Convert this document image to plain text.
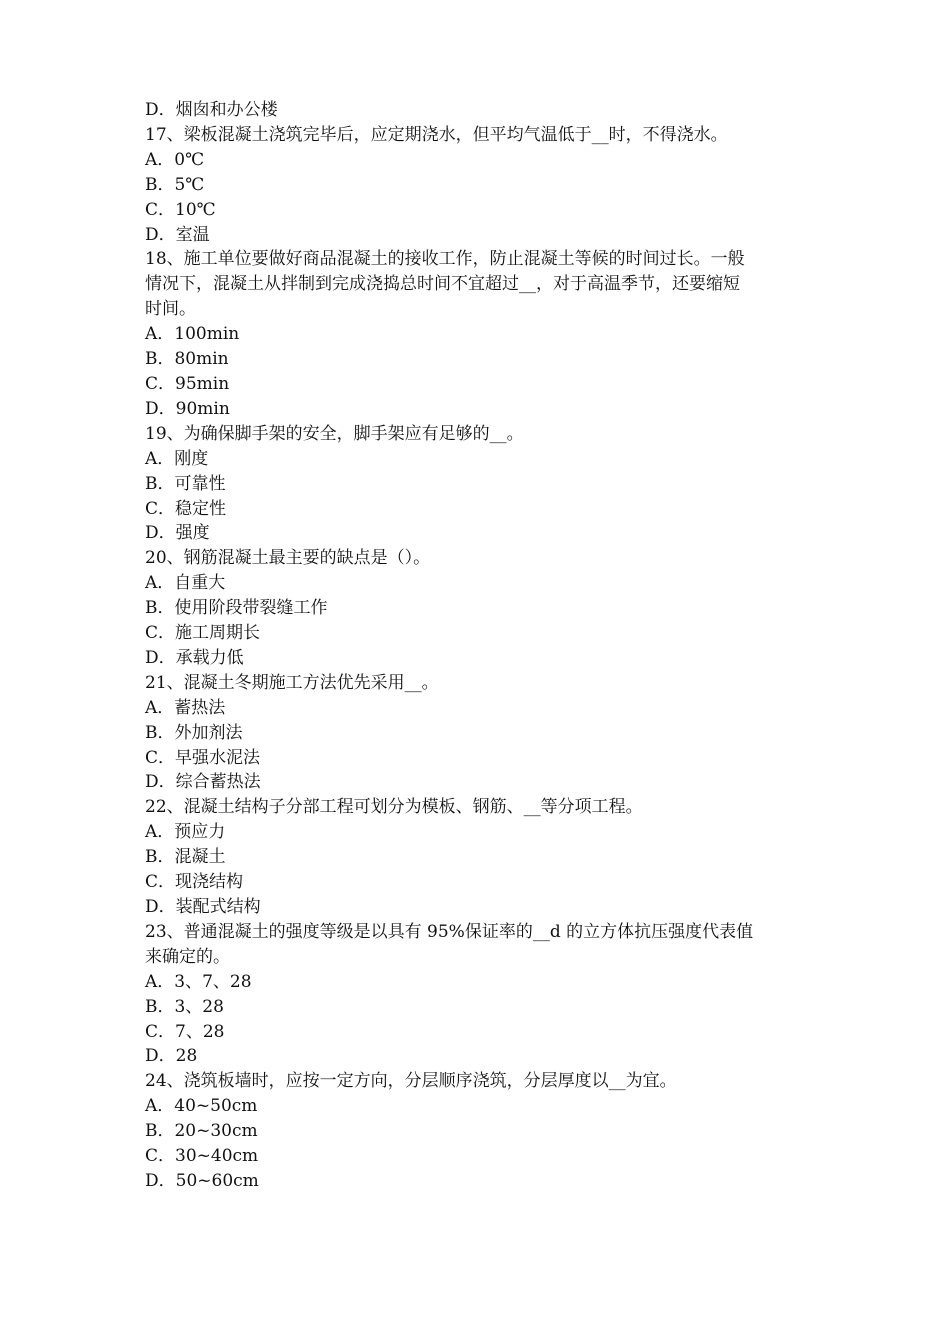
D．烟囱和办公楼

17、梁板混凝土浇筑完毕后，应定期浇水，但平均气温低于__时，不得浇水。

A．0℃

B．5℃

C．10℃

D．室温

18、施工单位要做好商品混凝土的接收工作，防止混凝土等候的时间过长。一般

情况下，混凝土从拌制到完成浇捣总时间不宜超过__，对于高温季节，还要缩短

时间。

A．100min

B．80min

C．95min

D．90min

19、为确保脚手架的安全，脚手架应有足够的__。

A．刚度

B．可靠性

C．稳定性

D．强度

20、钢筋混凝土最主要的缺点是（）。

A．自重大

B．使用阶段带裂缝工作

C．施工周期长

D．承载力低

21、混凝土冬期施工方法优先采用__。

A．蓄热法

B．外加剂法

C．早强水泥法

D．综合蓄热法

22、混凝土结构子分部工程可划分为模板、钢筋、__等分项工程。

A．预应力

B．混凝土

C．现浇结构

D．装配式结构

23、普通混凝土的强度等级是以具有 95%保证率的__d 的立方体抗压强度代表值

来确定的。

A．3、7、28

B．3、28

C．7、28

D．28

24、浇筑板墙时，应按一定方向，分层顺序浇筑，分层厚度以__为宜。

A．40~50cm

B．20~30cm

C．30~40cm

D．50~60cm
